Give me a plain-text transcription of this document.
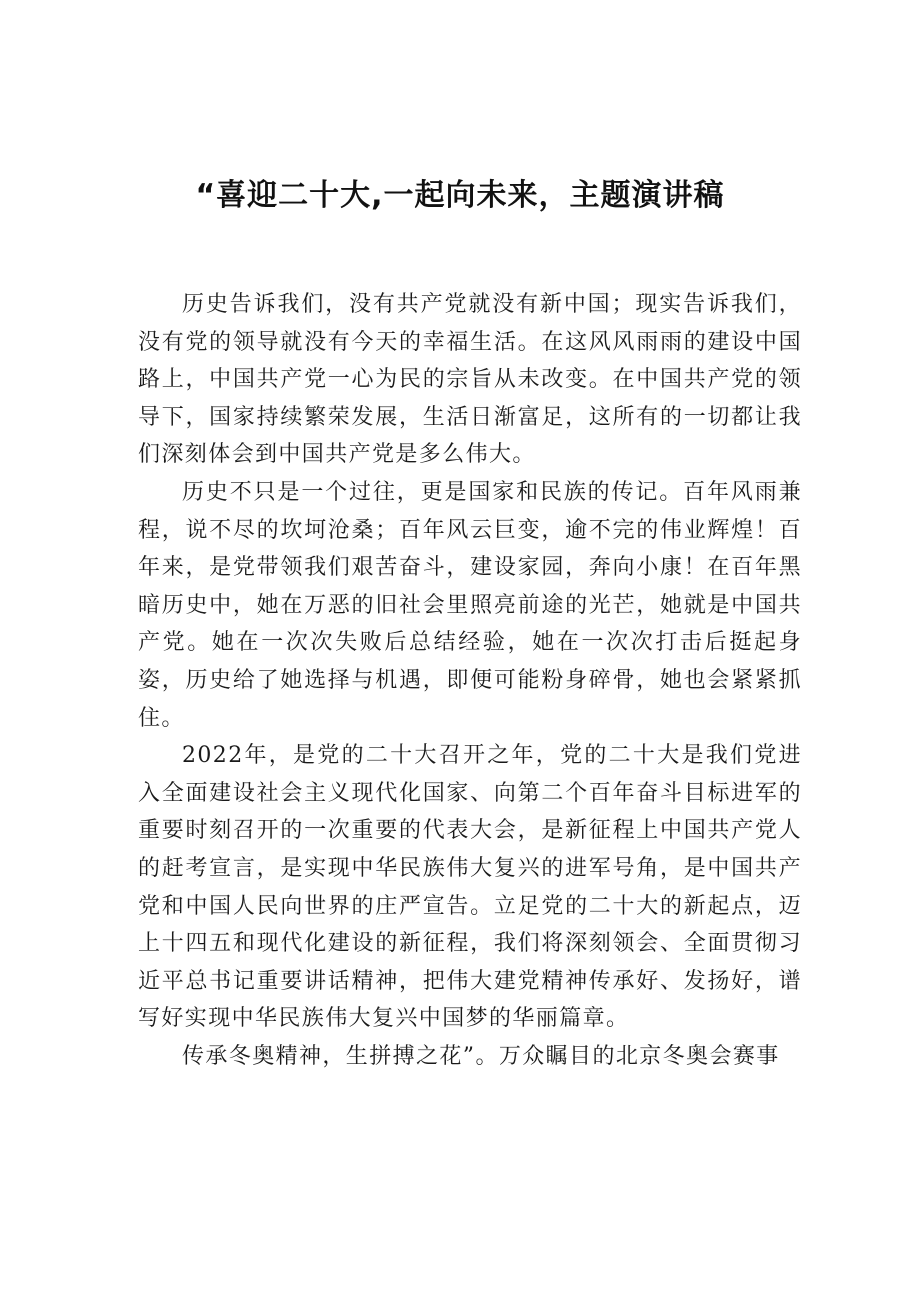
“喜迎二十大,一起向未来，主题演讲稿

历史告诉我们，没有共产党就没有新中国；现实告诉我们，没有党的领导就没有今天的幸福生活。在这风风雨雨的建设中国路上，中国共产党一心为民的宗旨从未改变。在中国共产党的领导下，国家持续繁荣发展，生活日渐富足，这所有的一切都让我们深刻体会到中国共产党是多么伟大。

历史不只是一个过往，更是国家和民族的传记。百年风雨兼程，说不尽的坎坷沧桑；百年风云巨变，逾不完的伟业辉煌！百年来，是党带领我们艰苦奋斗，建设家园，奔向小康！在百年黑暗历史中，她在万恶的旧社会里照亮前途的光芒，她就是中国共产党。她在一次次失败后总结经验，她在一次次打击后挺起身姿，历史给了她选择与机遇，即便可能粉身碎骨，她也会紧紧抓住。

2022年，是党的二十大召开之年，党的二十大是我们党进入全面建设社会主义现代化国家、向第二个百年奋斗目标进军的重要时刻召开的一次重要的代表大会，是新征程上中国共产党人的赶考宣言，是实现中华民族伟大复兴的进军号角，是中国共产党和中国人民向世界的庄严宣告。立足党的二十大的新起点，迈上十四五和现代化建设的新征程，我们将深刻领会、全面贯彻习近平总书记重要讲话精神，把伟大建党精神传承好、发扬好，谱写好实现中华民族伟大复兴中国梦的华丽篇章。

传承冬奥精神，生拼搏之花”。万众瞩目的北京冬奥会赛事
